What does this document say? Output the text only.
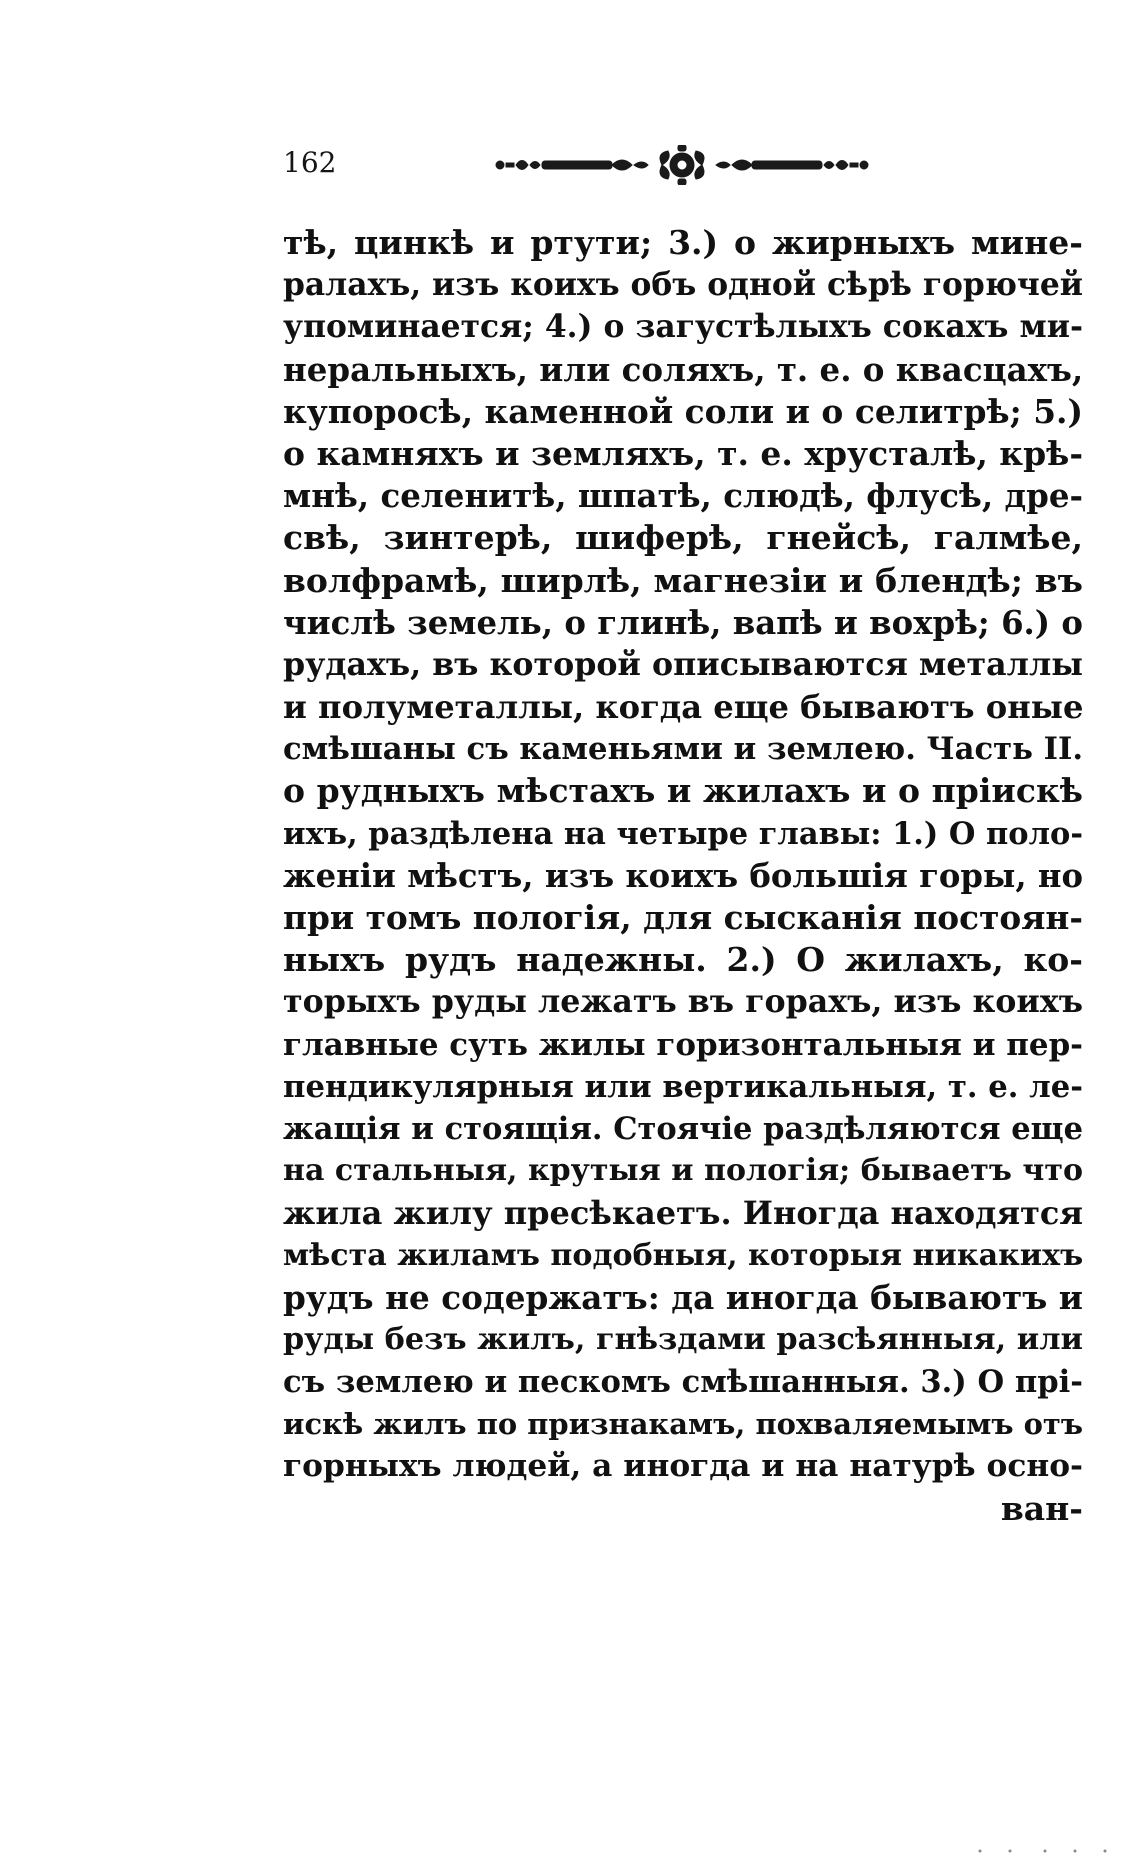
162
тѣ, цинкѣ и ртути; 3.) о жирныхъ мине-
ралахъ, изъ коихъ объ одной сѣрѣ горючей
упоминается; 4.) о загустѣлыхъ сокахъ ми-
неральныхъ, или соляхъ, т. е. о квасцахъ,
купоросѣ, каменной соли и о селитрѣ; 5.)
о камняхъ и земляхъ, т. е. хрусталѣ, крѣ-
мнѣ, селенитѣ, шпатѣ, слюдѣ, флусѣ, дре-
свѣ, зинтерѣ, шиферѣ, гнейсѣ, галмѣе,
волфрамѣ, ширлѣ, магнезіи и блендѣ; въ
числѣ земель, о глинѣ, вапѣ и вохрѣ; 6.) о
рудахъ, въ которой описываются металлы
и полуметаллы, когда еще бываютъ оные
смѣшаны съ каменьями и землею. Часть II.
о рудныхъ мѣстахъ и жилахъ и о пріискѣ
ихъ, раздѣлена на четыре главы: 1.) О поло-
женіи мѣстъ, изъ коихъ большія горы, но
при томъ пологія, для сысканія постоян-
ныхъ рудъ надежны. 2.) О жилахъ, ко-
торыхъ руды лежатъ въ горахъ, изъ коихъ
главные суть жилы горизонтальныя и пер-
пендикулярныя или вертикальныя, т. е. ле-
жащія и стоящія. Стоячіе раздѣляются еще
на стальныя, крутыя и пологія; бываетъ что
жила жилу пресѣкаетъ. Иногда находятся
мѣста жиламъ подобныя, которыя никакихъ
рудъ не содержатъ: да иногда бываютъ и
руды безъ жилъ, гнѣздами разсѣянныя, или
съ землею и пескомъ смѣшанныя. 3.) О прі-
искѣ жилъ по признакамъ, похваляемымъ отъ
горныхъ людей, а иногда и на натурѣ осно-
ван-
